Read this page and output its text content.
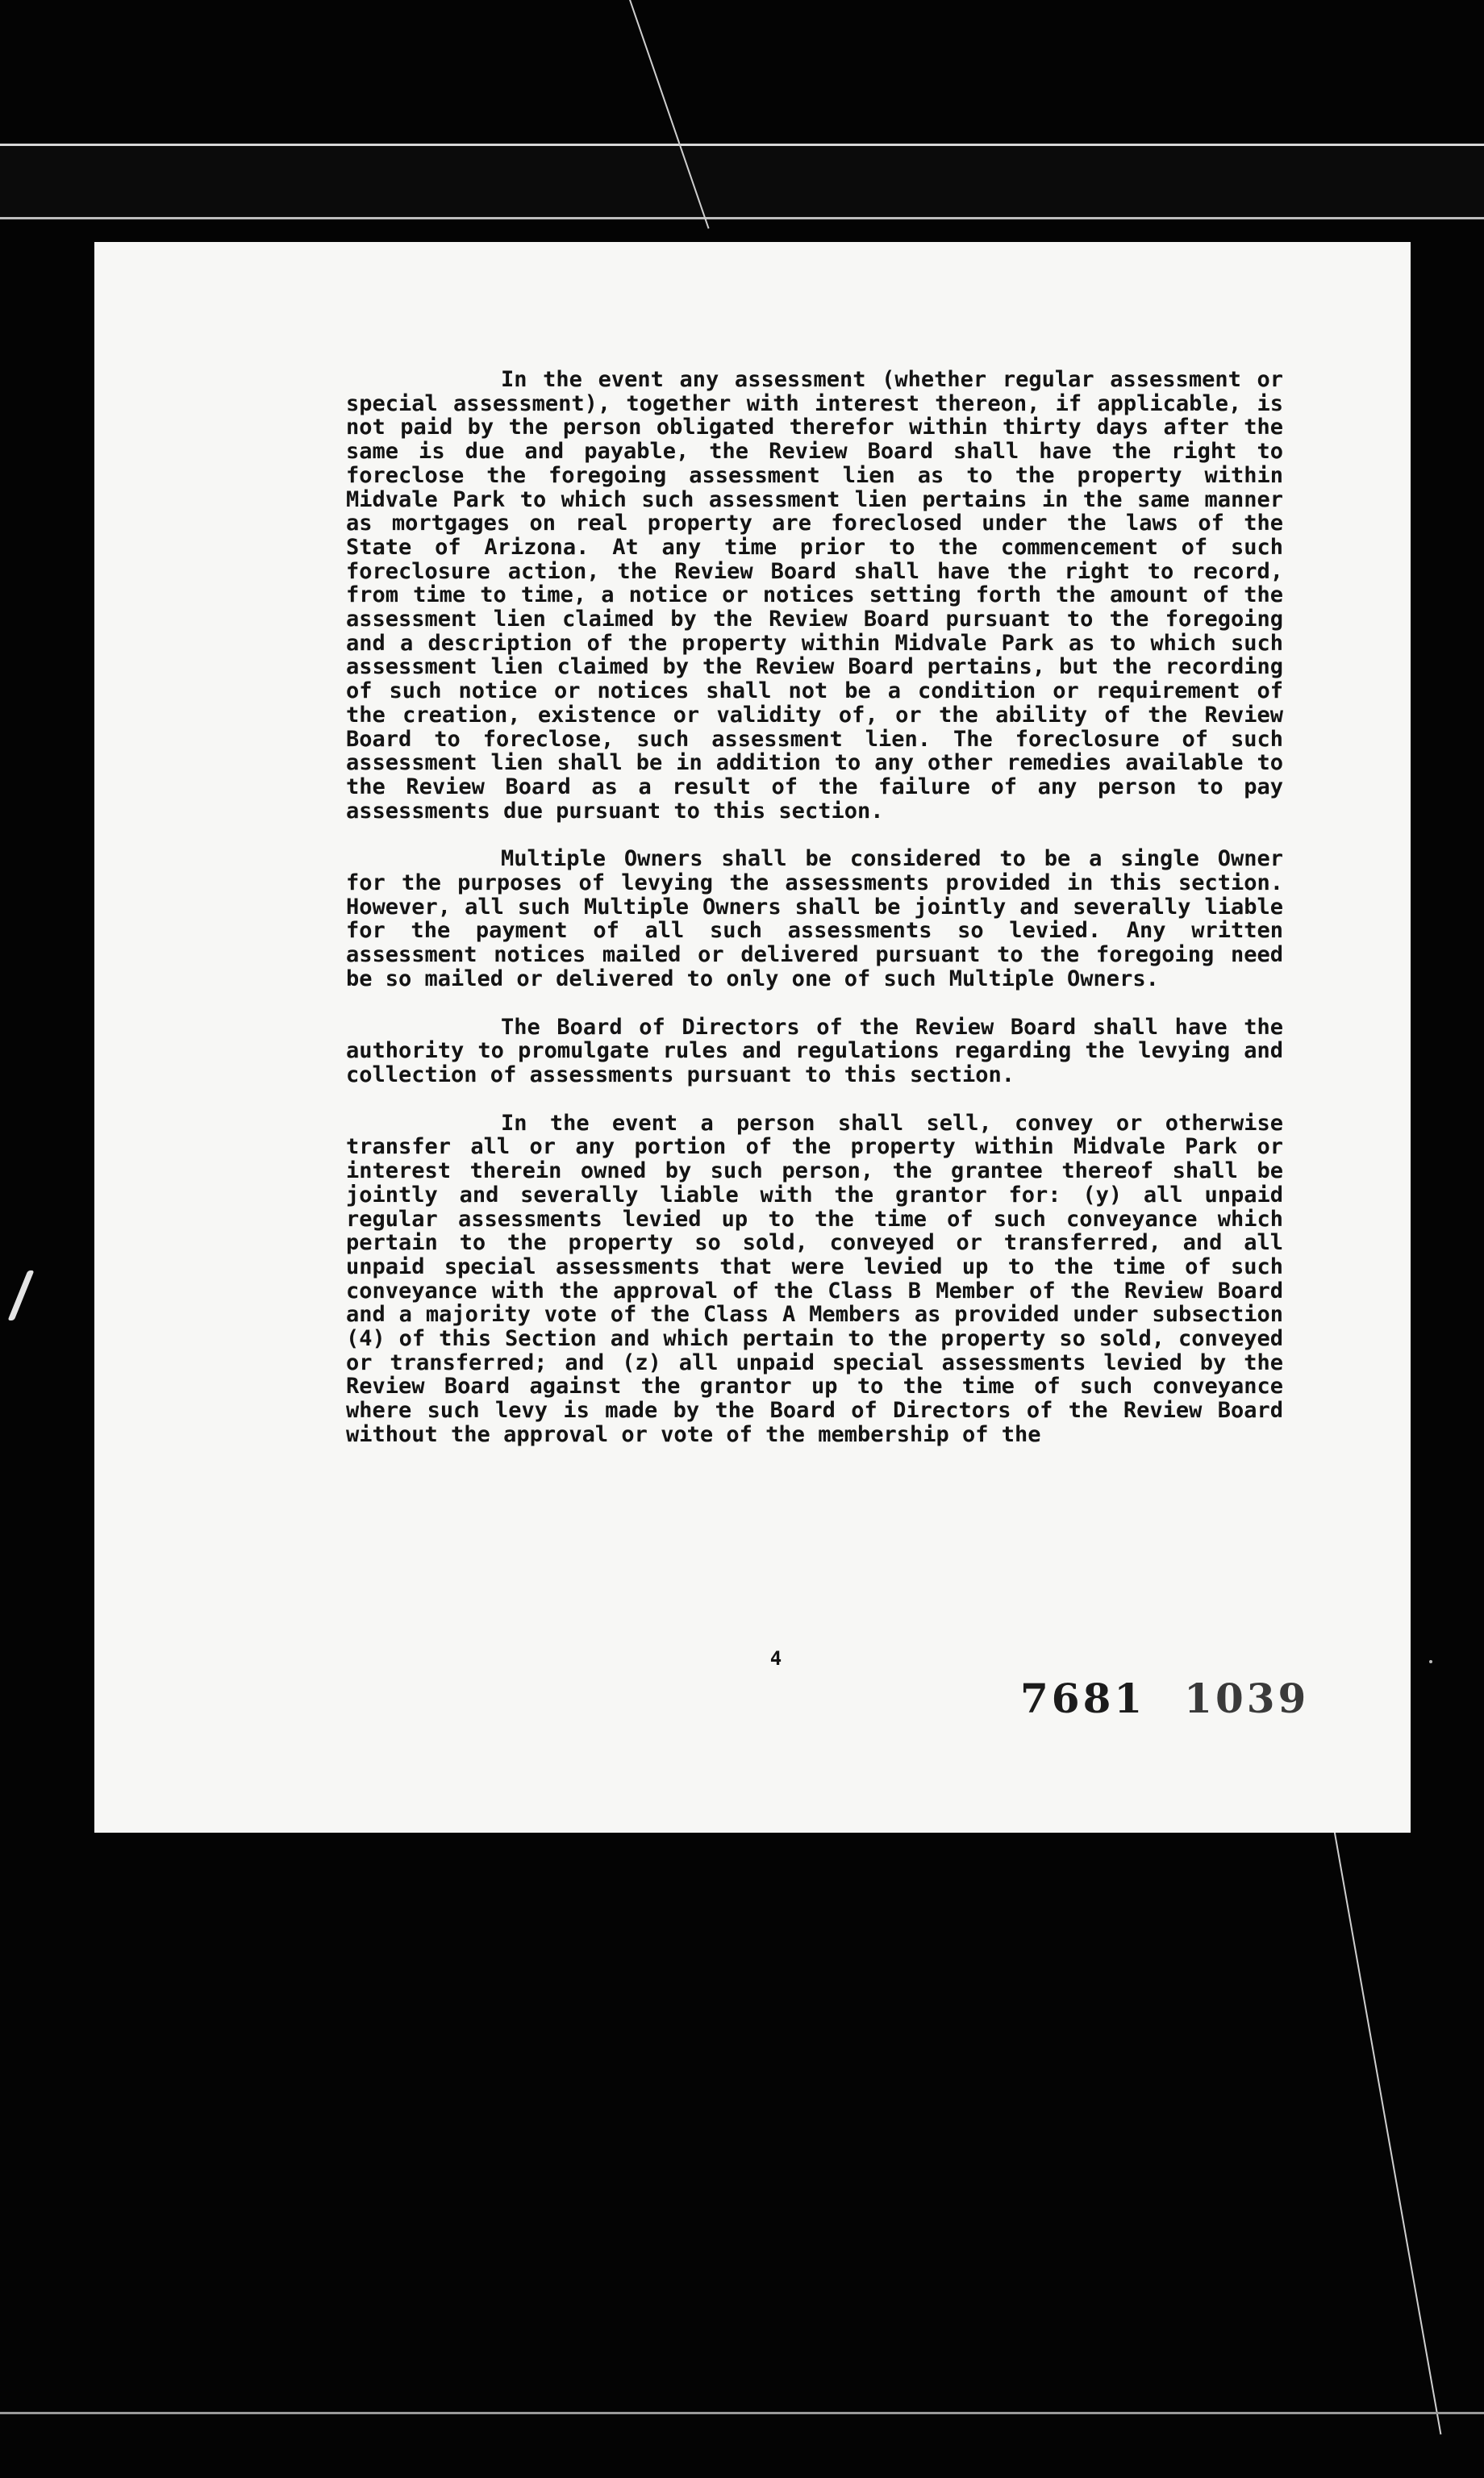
In the event any assessment (whether regular assessment or special assessment), together with interest thereon, if applicable, is not paid by the person obligated therefor within thirty days after the same is due and payable, the Review Board shall have the right to foreclose the foregoing assessment lien as to the property within Midvale Park to which such assessment lien pertains in the same manner as mortgages on real property are foreclosed under the laws of the State of Arizona. At any time prior to the commencement of such foreclosure action, the Review Board shall have the right to record, from time to time, a notice or notices setting forth the amount of the assessment lien claimed by the Review Board pursuant to the foregoing and a description of the property within Midvale Park as to which such assessment lien claimed by the Review Board pertains, but the recording of such notice or notices shall not be a condition or requirement of the creation, existence or validity of, or the ability of the Review Board to foreclose, such assessment lien. The foreclosure of such assessment lien shall be in addition to any other remedies available to the Review Board as a result of the failure of any person to pay assessments due pursuant to this section.

Multiple Owners shall be considered to be a single Owner for the purposes of levying the assessments provided in this section. However, all such Multiple Owners shall be jointly and severally liable for the payment of all such assessments so levied. Any written assessment notices mailed or delivered pursuant to the foregoing need be so mailed or delivered to only one of such Multiple Owners.

The Board of Directors of the Review Board shall have the authority to promulgate rules and regulations regarding the levying and collection of assessments pursuant to this section.

In the event a person shall sell, convey or otherwise transfer all or any portion of the property within Midvale Park or interest therein owned by such person, the grantee thereof shall be jointly and severally liable with the grantor for: (y) all unpaid regular assessments levied up to the time of such conveyance which pertain to the property so sold, conveyed or transferred, and all unpaid special assessments that were levied up to the time of such conveyance with the approval of the Class B Member of the Review Board and a majority vote of the Class A Members as provided under subsection (4) of this Section and which pertain to the property so sold, conveyed or transferred; and (z) all unpaid special assessments levied by the Review Board against the grantor up to the time of such conveyance where such levy is made by the Board of Directors of the Review Board without the approval or vote of the membership of the

4
7681 1039
